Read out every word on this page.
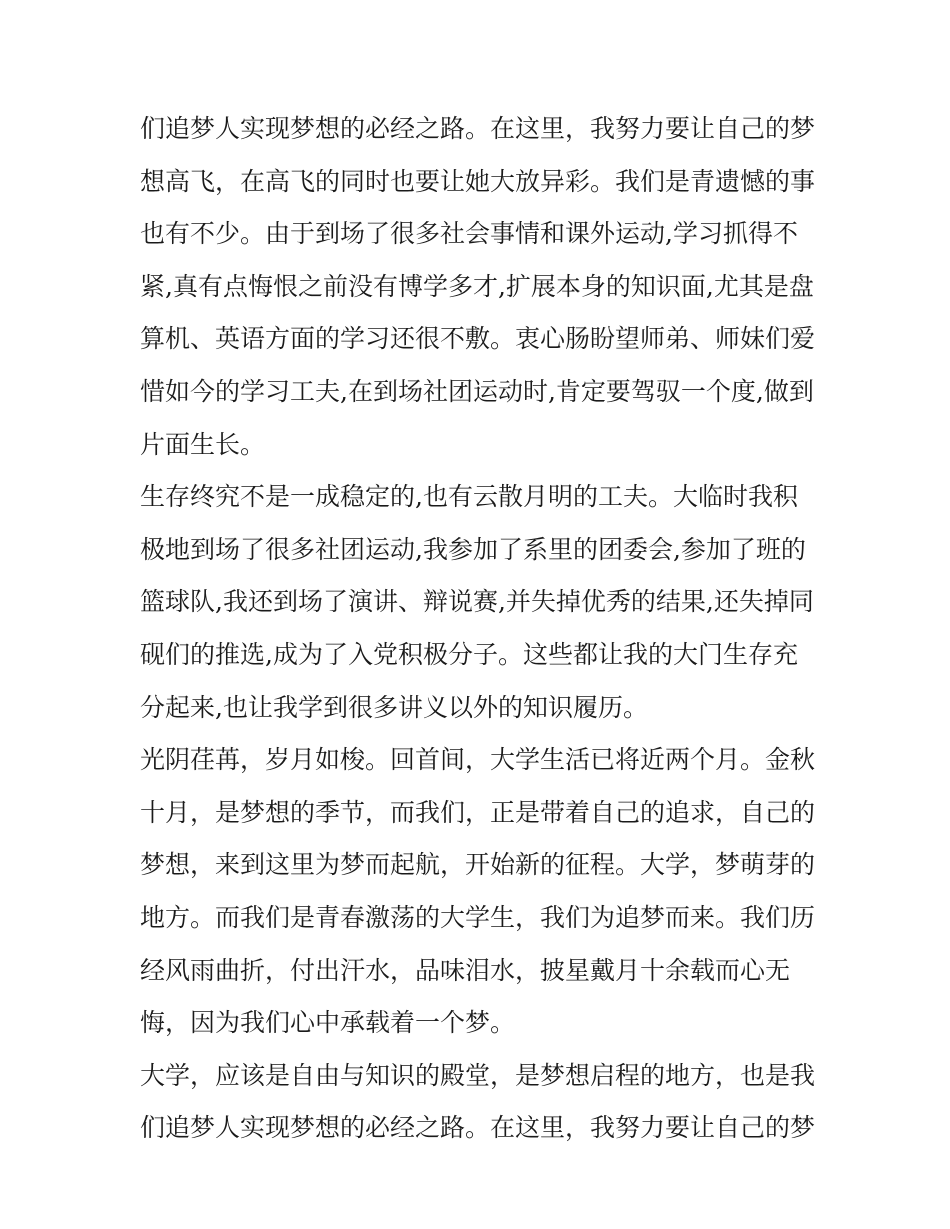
们追梦人实现梦想的必经之路。在这里，我努力要让自己的梦
想高飞，在高飞的同时也要让她大放异彩。我们是青遗憾的事
也有不少。由于到场了很多社会事情和课外运动,学习抓得不
紧,真有点悔恨之前没有博学多才,扩展本身的知识面,尤其是盘
算机、英语方面的学习还很不敷。衷心肠盼望师弟、师妹们爱
惜如今的学习工夫,在到场社团运动时,肯定要驾驭一个度,做到
片面生长。
生存终究不是一成稳定的,也有云散月明的工夫。大临时我积
极地到场了很多社团运动,我参加了系里的团委会,参加了班的
篮球队,我还到场了演讲、辩说赛,并失掉优秀的结果,还失掉同
砚们的推选,成为了入党积极分子。这些都让我的大门生存充
分起来,也让我学到很多讲义以外的知识履历。
光阴荏苒，岁月如梭。回首间，大学生活已将近两个月。金秋
十月，是梦想的季节，而我们，正是带着自己的追求，自己的
梦想，来到这里为梦而起航，开始新的征程。大学，梦萌芽的
地方。而我们是青春激荡的大学生，我们为追梦而来。我们历
经风雨曲折，付出汗水，品味泪水，披星戴月十余载而心无
悔，因为我们心中承载着一个梦。
大学，应该是自由与知识的殿堂，是梦想启程的地方，也是我
们追梦人实现梦想的必经之路。在这里，我努力要让自己的梦
